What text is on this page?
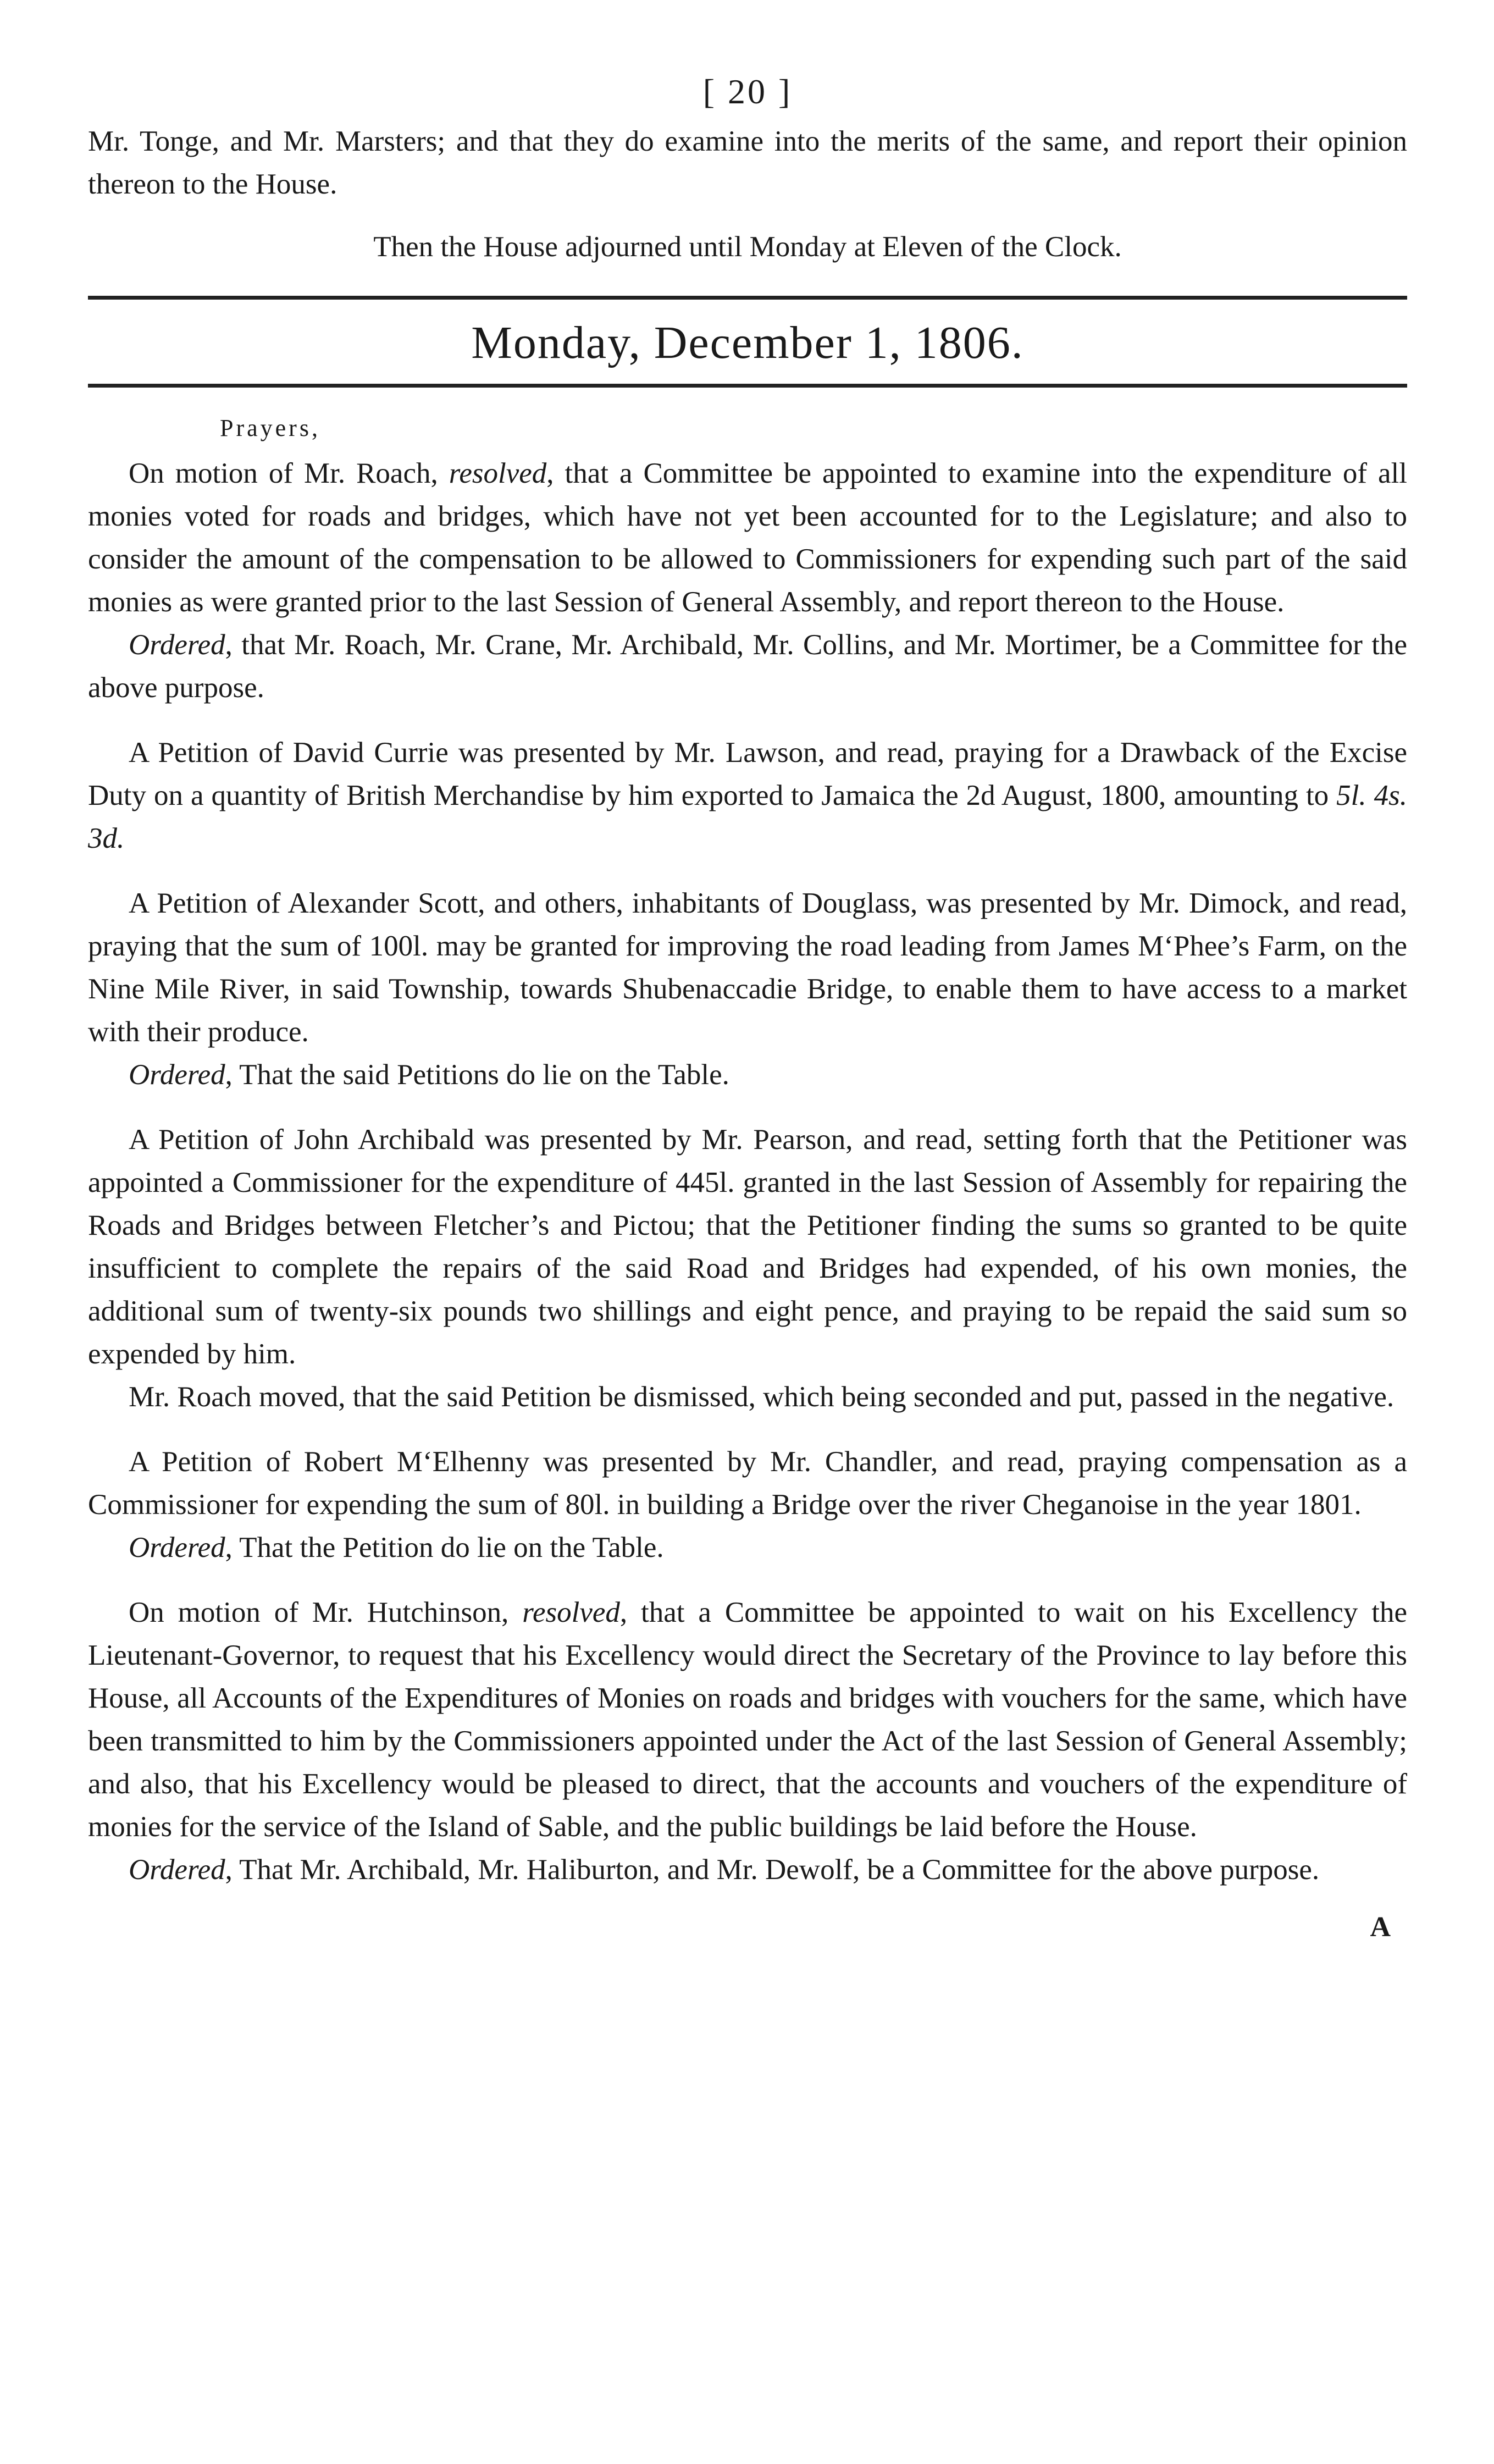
[ 20 ]

Mr. Tonge, and Mr. Marsters; and that they do examine into the merits of the same, and report their opinion thereon to the House.

Then the House adjourned until Monday at Eleven of the Clock.

Monday, December 1, 1806.
Prayers,

On motion of Mr. Roach, resolved, that a Committee be appointed to examine into the expenditure of all monies voted for roads and bridges, which have not yet been accounted for to the Legislature; and also to consider the amount of the compensation to be allowed to Commissioners for expending such part of the said monies as were granted prior to the last Session of General Assembly, and report thereon to the House.

Ordered, that Mr. Roach, Mr. Crane, Mr. Archibald, Mr. Collins, and Mr. Mortimer, be a Committee for the above purpose.

A Petition of David Currie was presented by Mr. Lawson, and read, praying for a Drawback of the Excise Duty on a quantity of British Merchandise by him exported to Jamaica the 2d August, 1800, amounting to 5l. 4s. 3d.

A Petition of Alexander Scott, and others, inhabitants of Douglass, was presented by Mr. Dimock, and read, praying that the sum of 100l. may be granted for improving the road leading from James M‘Phee’s Farm, on the Nine Mile River, in said Township, towards Shubenaccadie Bridge, to enable them to have access to a market with their produce.

Ordered, That the said Petitions do lie on the Table.

A Petition of John Archibald was presented by Mr. Pearson, and read, setting forth that the Petitioner was appointed a Commissioner for the expenditure of 445l. granted in the last Session of Assembly for repairing the Roads and Bridges between Fletcher’s and Pictou; that the Petitioner finding the sums so granted to be quite insufficient to complete the repairs of the said Road and Bridges had expended, of his own monies, the additional sum of twenty-six pounds two shillings and eight pence, and praying to be repaid the said sum so expended by him.

Mr. Roach moved, that the said Petition be dismissed, which being seconded and put, passed in the negative.

A Petition of Robert M‘Elhenny was presented by Mr. Chandler, and read, praying compensation as a Commissioner for expending the sum of 80l. in building a Bridge over the river Cheganoise in the year 1801.

Ordered, That the Petition do lie on the Table.

On motion of Mr. Hutchinson, resolved, that a Committee be appointed to wait on his Excellency the Lieutenant-Governor, to request that his Excellency would direct the Secretary of the Province to lay before this House, all Accounts of the Expenditures of Monies on roads and bridges with vouchers for the same, which have been transmitted to him by the Commissioners appointed under the Act of the last Session of General Assembly; and also, that his Excellency would be pleased to direct, that the accounts and vouchers of the expenditure of monies for the service of the Island of Sable, and the public buildings be laid before the House.

Ordered, That Mr. Archibald, Mr. Haliburton, and Mr. Dewolf, be a Committee for the above purpose.

A
